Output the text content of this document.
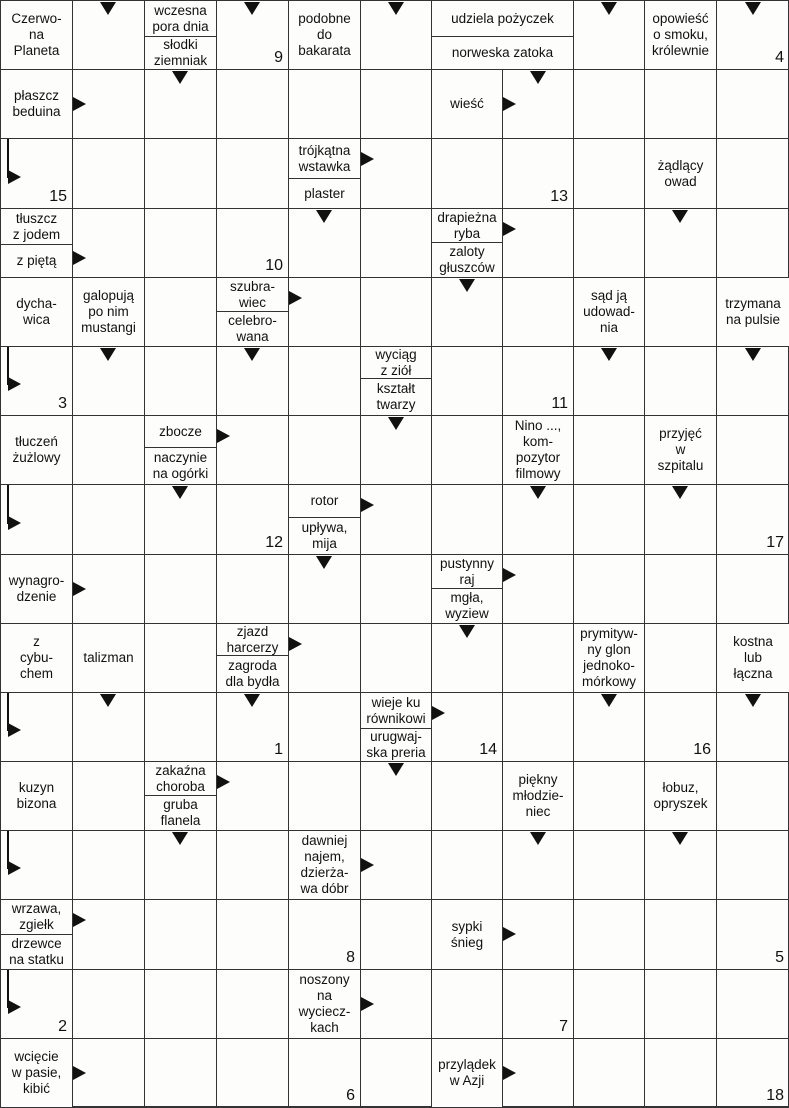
Czerwo-
na
Planeta
wczesna
pora dnia
słodki
ziemniak
podobne
do
bakarata
udziela pożyczek
norweska zatoka
opowieść
o smoku,
królewnie
płaszcz
beduina
wieść
trójkątna
wstawka
plaster
żądlący
owad
tłuszcz
z jodem
z piętą
drapieżna
ryba
zaloty
głuszców
dycha-
wica
galopują
po nim
mustangi
szubra-
wiec
celebro-
wana
sąd ją
udowad-
nia
trzymana
na pulsie
wyciąg
z ziół
kształt
twarzy
tłuczeń
żużlowy
zbocze
naczynie
na ogórki
Nino ...,
kom-
pozytor
filmowy
przyjęć
w
szpitalu
rotor
upływa,
mija
wynagro-
dzenie
pustynny
raj
mgła,
wyziew
z
cybu-
chem
talizman
zjazd
harcerzy
zagroda
dla bydła
prymityw-
ny glon
jednoko-
mórkowy
kostna
lub
łączna
wieje ku
równikowi
urugwaj-
ska preria
kuzyn
bizona
zakaźna
choroba
gruba
flanela
piękny
młodzie-
niec
łobuz,
opryszek
dawniej
najem,
dzierża-
wa dóbr
wrzawa,
zgiełk
drzewce
na statku
sypki
śnieg
noszony
na
wyciecz-
kach
wcięcie
w pasie,
kibić
przylądek
w Azji
9	4
15	13
10
3	11
12	17
1	14	16
8	5
2	7
6	18
